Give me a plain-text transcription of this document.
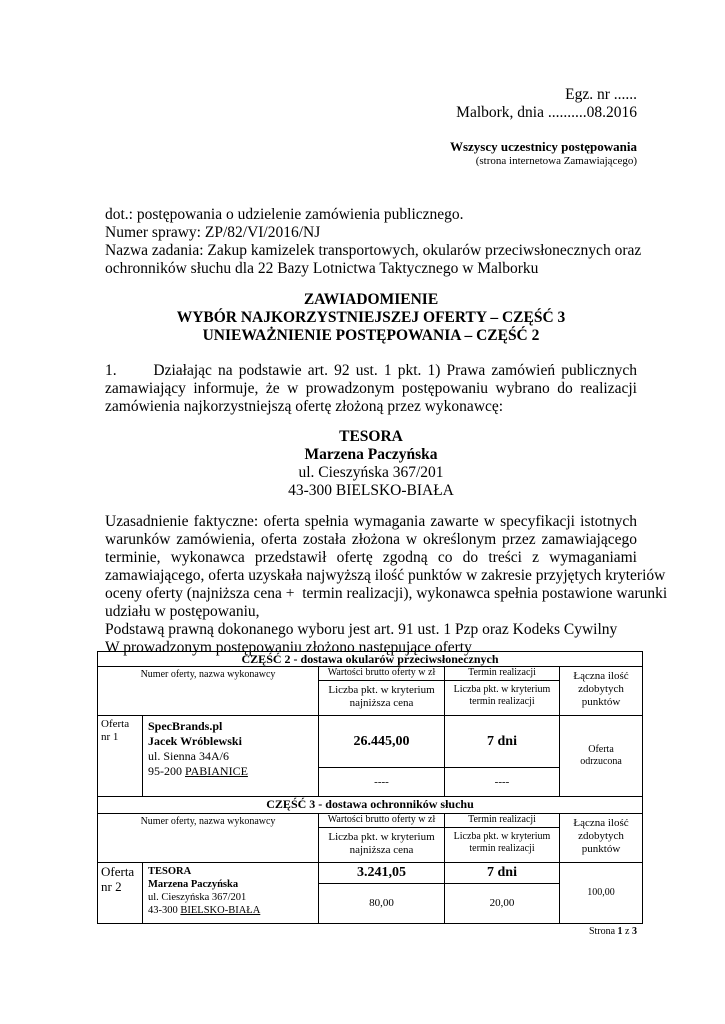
Egz. nr ......
Malbork, dnia ..........08.2016
Wszyscy uczestnicy postępowania
(strona internetowa Zamawiającego)
dot.: postępowania o udzielenie zamówienia publicznego.
Numer sprawy: ZP/82/VI/2016/NJ
Nazwa zadania: Zakup kamizelek transportowych, okularów przeciwsłonecznych oraz
ochronników słuchu dla 22 Bazy Lotnictwa Taktycznego w Malborku
ZAWIADOMIENIE
WYBÓR NAJKORZYSTNIEJSZEJ OFERTY – CZĘŚĆ 3
UNIEWAŻNIENIE POSTĘPOWANIA – CZĘŚĆ 2
1.      Działając na podstawie art. 92 ust. 1 pkt. 1) Prawa zamówień publicznych
zamawiający informuje, że w prowadzonym postępowaniu wybrano do realizacji
zamówienia najkorzystniejszą ofertę złożoną przez wykonawcę:
TESORA
Marzena Paczyńska
ul. Cieszyńska 367/201
43-300 BIELSKO-BIAŁA
Uzasadnienie faktyczne: oferta spełnia wymagania zawarte w specyfikacji istotnych
warunków zamówienia, oferta została złożona w określonym przez zamawiającego
terminie, wykonawca przedstawił ofertę zgodną co do treści z wymaganiami
zamawiającego, oferta uzyskała najwyższą ilość punktów w zakresie przyjętych kryteriów
oceny oferty (najniższa cena +  termin realizacji), wykonawca spełnia postawione warunki
udziału w postępowaniu,
Podstawą prawną dokonanego wyboru jest art. 91 ust. 1 Pzp oraz Kodeks Cywilny
W prowadzonym postępowaniu złożono następujące oferty
CZĘŚĆ 2 - dostawa okularów przeciwsłonecznych				
Numer oferty, nazwa wykonawcy		Wartości brutto oferty w zł	Termin realizacji	Łączna ilość zdobytych punktów
		Liczba pkt. w kryterium najniższa cena	Liczba pkt. w kryterium termin realizacji	
Oferta nr 1	SpecBrands.pl
Jacek Wróblewski
ul. Sienna 34A/6
95-200 PABIANICE	26.445,00	7 dni	Oferta odrzucona
		----	----	
CZĘŚĆ 3 - dostawa ochronników słuchu				
Numer oferty, nazwa wykonawcy		Wartości brutto oferty w zł	Termin realizacji	Łączna ilość zdobytych punktów
		Liczba pkt. w kryterium najniższa cena	Liczba pkt. w kryterium termin realizacji	
Oferta nr 2	TESORA
Marzena Paczyńska
ul. Cieszyńska 367/201
43-300 BIELSKO-BIAŁA	3.241,05	7 dni	100,00
		80,00	20,00	
Strona 1 z 3
